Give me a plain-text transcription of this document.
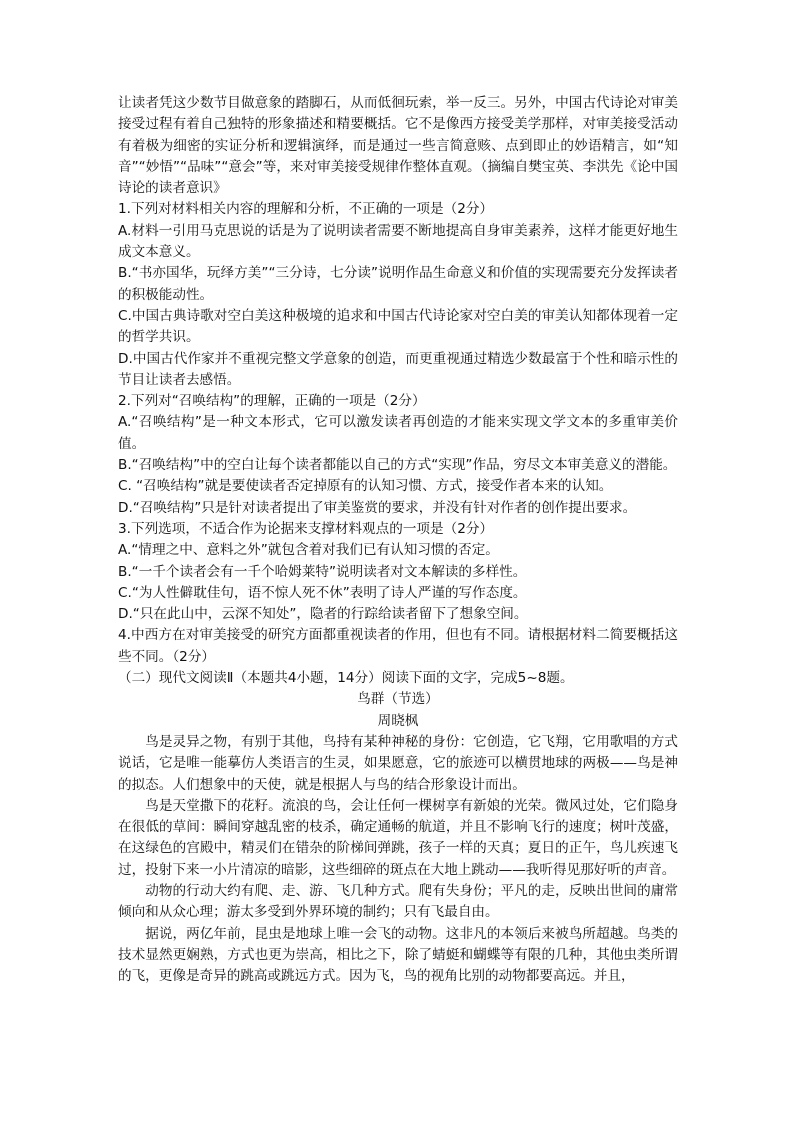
让读者凭这少数节目做意象的踏脚石，从而低徊玩索，举一反三。另外，中国古代诗论对审美接受过程有着自己独特的形象描述和精要概括。它不是像西方接受美学那样，对审美接受活动有着极为细密的实证分析和逻辑演绎，而是通过一些言简意赅、点到即止的妙语精言，如“知音”“妙悟”“品味”“意会”等，来对审美接受规律作整体直观。（摘编自樊宝英、李洪先《论中国诗论的读者意识》

1.下列对材料相关内容的理解和分析，不正确的一项是（2分）

A.材料一引用马克思说的话是为了说明读者需要不断地提高自身审美素养，这样才能更好地生成文本意义。

B.“书亦国华，玩绎方美”“三分诗，七分读”说明作品生命意义和价值的实现需要充分发挥读者的积极能动性。

C.中国古典诗歌对空白美这种极境的追求和中国古代诗论家对空白美的审美认知都体现着一定的哲学共识。

D.中国古代作家并不重视完整文学意象的创造，而更重视通过精选少数最富于个性和暗示性的节目让读者去感悟。

2.下列对“召唤结构”的理解，正确的一项是（2分）

A.“召唤结构”是一种文本形式，它可以激发读者再创造的才能来实现文学文本的多重审美价值。

B.“召唤结构”中的空白让每个读者都能以自己的方式“实现”作品，穷尽文本审美意义的潜能。

C. “召唤结构”就是要使读者否定掉原有的认知习惯、方式，接受作者本来的认知。

D.“召唤结构”只是针对读者提出了审美鉴赏的要求，并没有针对作者的创作提出要求。

3.下列选项，不适合作为论据来支撑材料观点的一项是（2分）

A.“情理之中、意料之外”就包含着对我们已有认知习惯的否定。

B.“一千个读者会有一千个哈姆莱特”说明读者对文本解读的多样性。

C.“为人性僻耽佳句，语不惊人死不休”表明了诗人严谨的写作态度。

D.“只在此山中，云深不知处”，隐者的行踪给读者留下了想象空间。

4.中西方在对审美接受的研究方面都重视读者的作用，但也有不同。请根据材料二简要概括这些不同。（2分）

（二）现代文阅读Ⅱ（本题共4小题，14分）阅读下面的文字，完成5~8题。

鸟群（节选）

周晓枫

鸟是灵异之物，有别于其他，鸟持有某种神秘的身份：它创造，它飞翔，它用歌唱的方式说话，它是唯一能摹仿人类语言的生灵，如果愿意，它的旅迹可以横贯地球的两极——鸟是神的拟态。人们想象中的天使，就是根据人与鸟的结合形象设计而出。

鸟是天堂撒下的花籽。流浪的鸟，会让任何一棵树享有新娘的光荣。微风过处，它们隐身在很低的草间：瞬间穿越乱密的枝杀，确定通畅的航道，并且不影响飞行的速度；树叶茂盛，在这绿色的宫殿中，精灵们在错杂的阶梯间弹跳，孩子一样的天真；夏日的正午，鸟儿疾速飞过，投射下来一小片清凉的暗影，这些细碎的斑点在大地上跳动——我听得见那好听的声音。

动物的行动大约有爬、走、游、飞几种方式。爬有失身份；平凡的走，反映出世间的庸常倾向和从众心理；游太多受到外界环境的制约；只有飞最自由。

据说，两亿年前，昆虫是地球上唯一会飞的动物。这非凡的本领后来被鸟所超越。鸟类的技术显然更娴熟，方式也更为崇高，相比之下，除了蜻蜓和蝴蝶等有限的几种，其他虫类所谓的飞，更像是奇异的跳高或跳远方式。因为飞，鸟的视角比别的动物都要高远。并且，
